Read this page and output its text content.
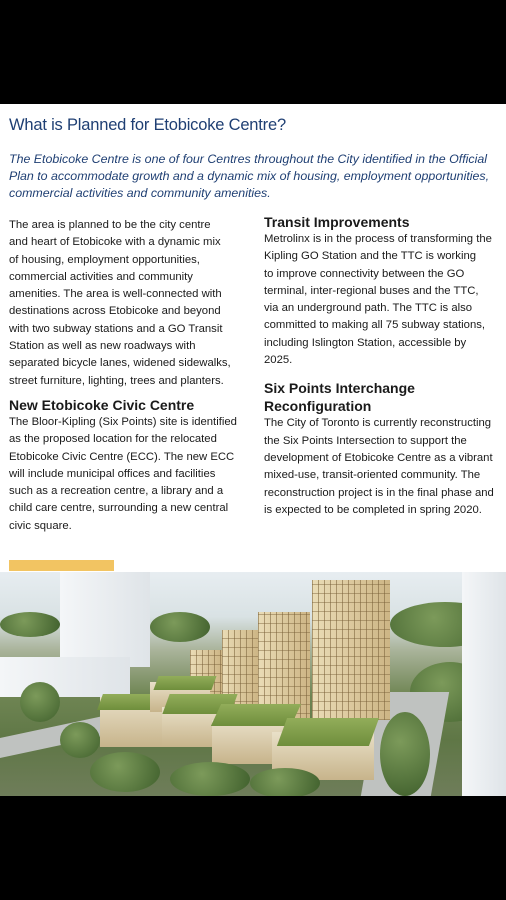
What is Planned for Etobicoke Centre?
The Etobicoke Centre is one of four Centres throughout the City identified in the Official Plan to accommodate growth and a dynamic mix of housing, employment opportunities, commercial activities and community amenities.

The area is planned to be the city centre

and heart of Etobicoke with a dynamic mix

of housing, employment opportunities,

commercial activities and community

amenities. The area is well-connected with

destinations across Etobicoke and beyond

with two subway stations and a GO Transit

Station as well as new roadways with

separated bicycle lanes, widened sidewalks,

street furniture, lighting, trees and planters.

New Etobicoke Civic Centre

The Bloor-Kipling (Six Points) site is identified

as the proposed location for the relocated

Etobicoke Civic Centre (ECC). The new ECC

will include municipal offices and facilities

such as a recreation centre, a library and a

child care centre, surrounding a new central

civic square.

Transit Improvements

Metrolinx is in the process of transforming the

Kipling GO Station and the TTC is working

to improve connectivity between the GO

terminal, inter-regional buses and the TTC,

via an underground path. The TTC is also

committed to making all 75 subway stations,

including Islington Station, accessible by

2025.

Six Points Interchange Reconfiguration

The City of Toronto is currently reconstructing

the Six Points Intersection to support the

development of Etobicoke Centre as a vibrant

mixed-use, transit-oriented community. The

reconstruction project is in the final phase and

is expected to be completed in spring 2020.
